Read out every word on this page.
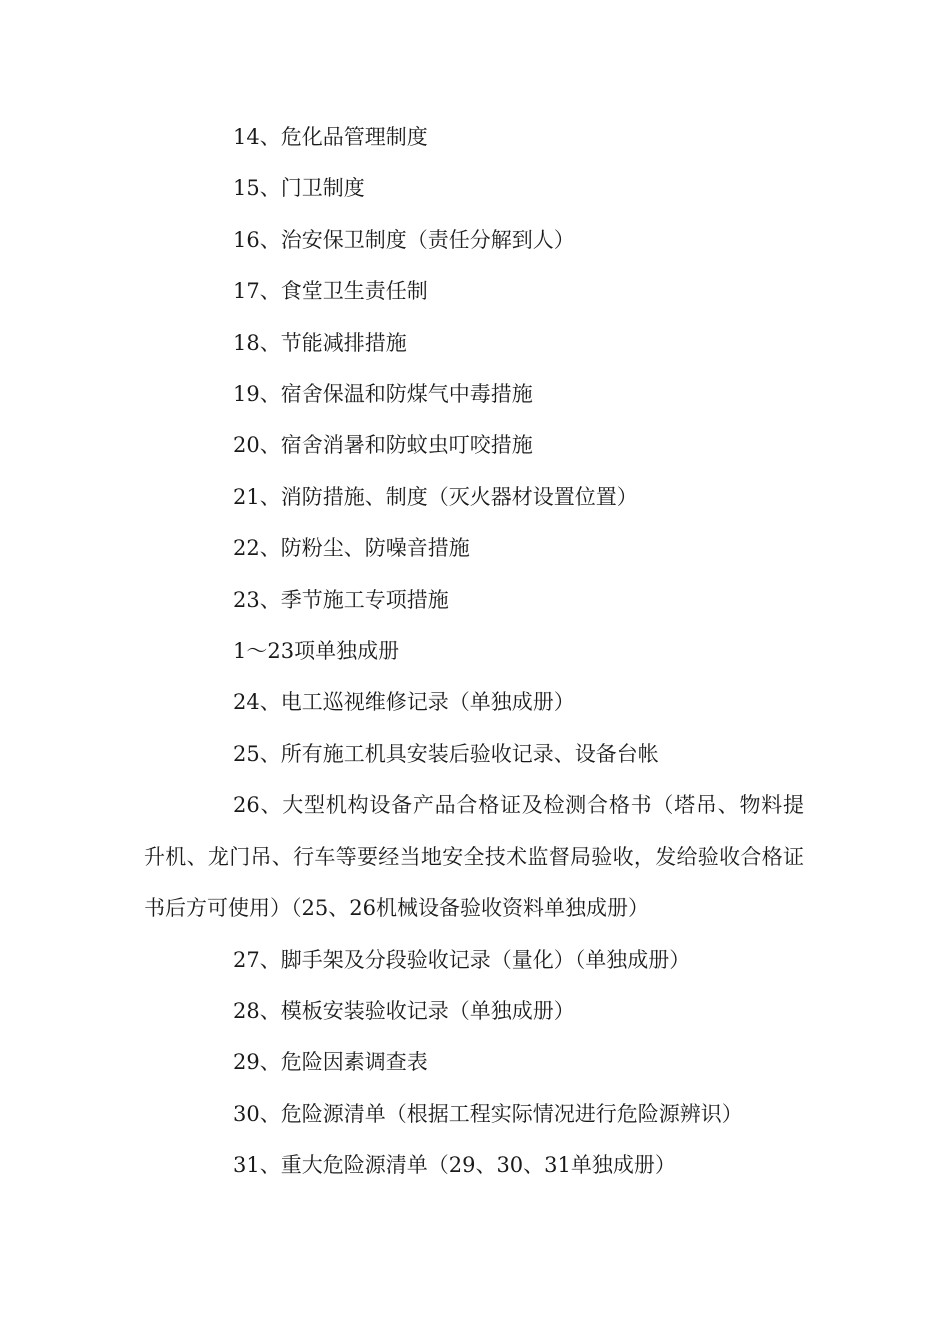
14、危化品管理制度

15、门卫制度

16、治安保卫制度（责任分解到人）

17、食堂卫生责任制

18、节能减排措施

19、宿舍保温和防煤气中毒措施

20、宿舍消暑和防蚊虫叮咬措施

21、消防措施、制度（灭火器材设置位置）

22、防粉尘、防噪音措施

23、季节施工专项措施

1～23项单独成册

24、电工巡视维修记录（单独成册）

25、所有施工机具安装后验收记录、设备台帐

26、大型机构设备产品合格证及检测合格书（塔吊、物料提升机、龙门吊、行车等要经当地安全技术监督局验收，发给验收合格证书后方可使用）（25、26机械设备验收资料单独成册）

27、脚手架及分段验收记录（量化）（单独成册）

28、模板安装验收记录（单独成册）

29、危险因素调查表

30、危险源清单（根据工程实际情况进行危险源辨识）

31、重大危险源清单（29、30、31单独成册）
